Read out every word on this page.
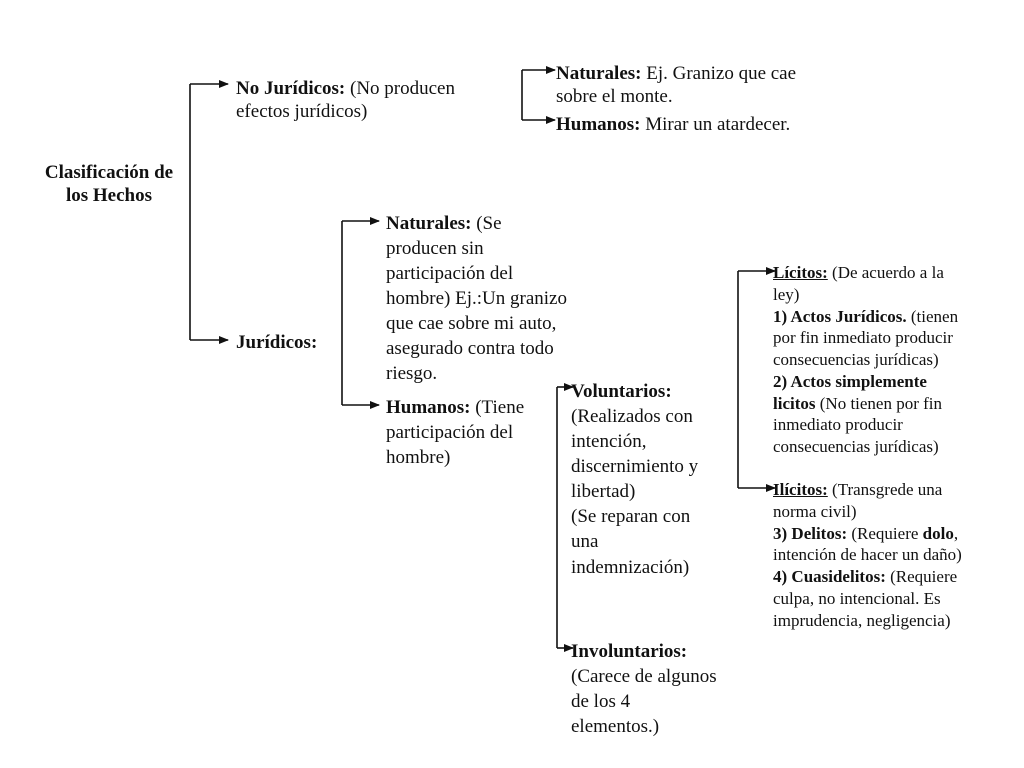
Clasificación de
los Hechos
No Jurídicos: (No producen
efectos jurídicos)
Naturales: Ej. Granizo que cae
sobre el monte.
Humanos: Mirar un atardecer.
Jurídicos:
Naturales: (Se
producen sin
participación del
hombre) Ej.:Un granizo
que cae sobre mi auto,
asegurado contra todo
riesgo.
Humanos: (Tiene
participación del
hombre)
Voluntarios:
(Realizados con
intención,
discernimiento y
libertad)
(Se reparan con
una
indemnización)
Involuntarios:
(Carece de algunos
de los 4
elementos.)
Lícitos: (De acuerdo a la
ley)
1) Actos Jurídicos. (tienen
por fin inmediato producir
consecuencias jurídicas)
2) Actos simplemente
licitos (No tienen por fin
inmediato producir
consecuencias jurídicas)
Ilícitos: (Transgrede una
norma civil)
3) Delitos: (Requiere dolo,
intención de hacer un daño)
4) Cuasidelitos: (Requiere
culpa, no intencional. Es
imprudencia, negligencia)
